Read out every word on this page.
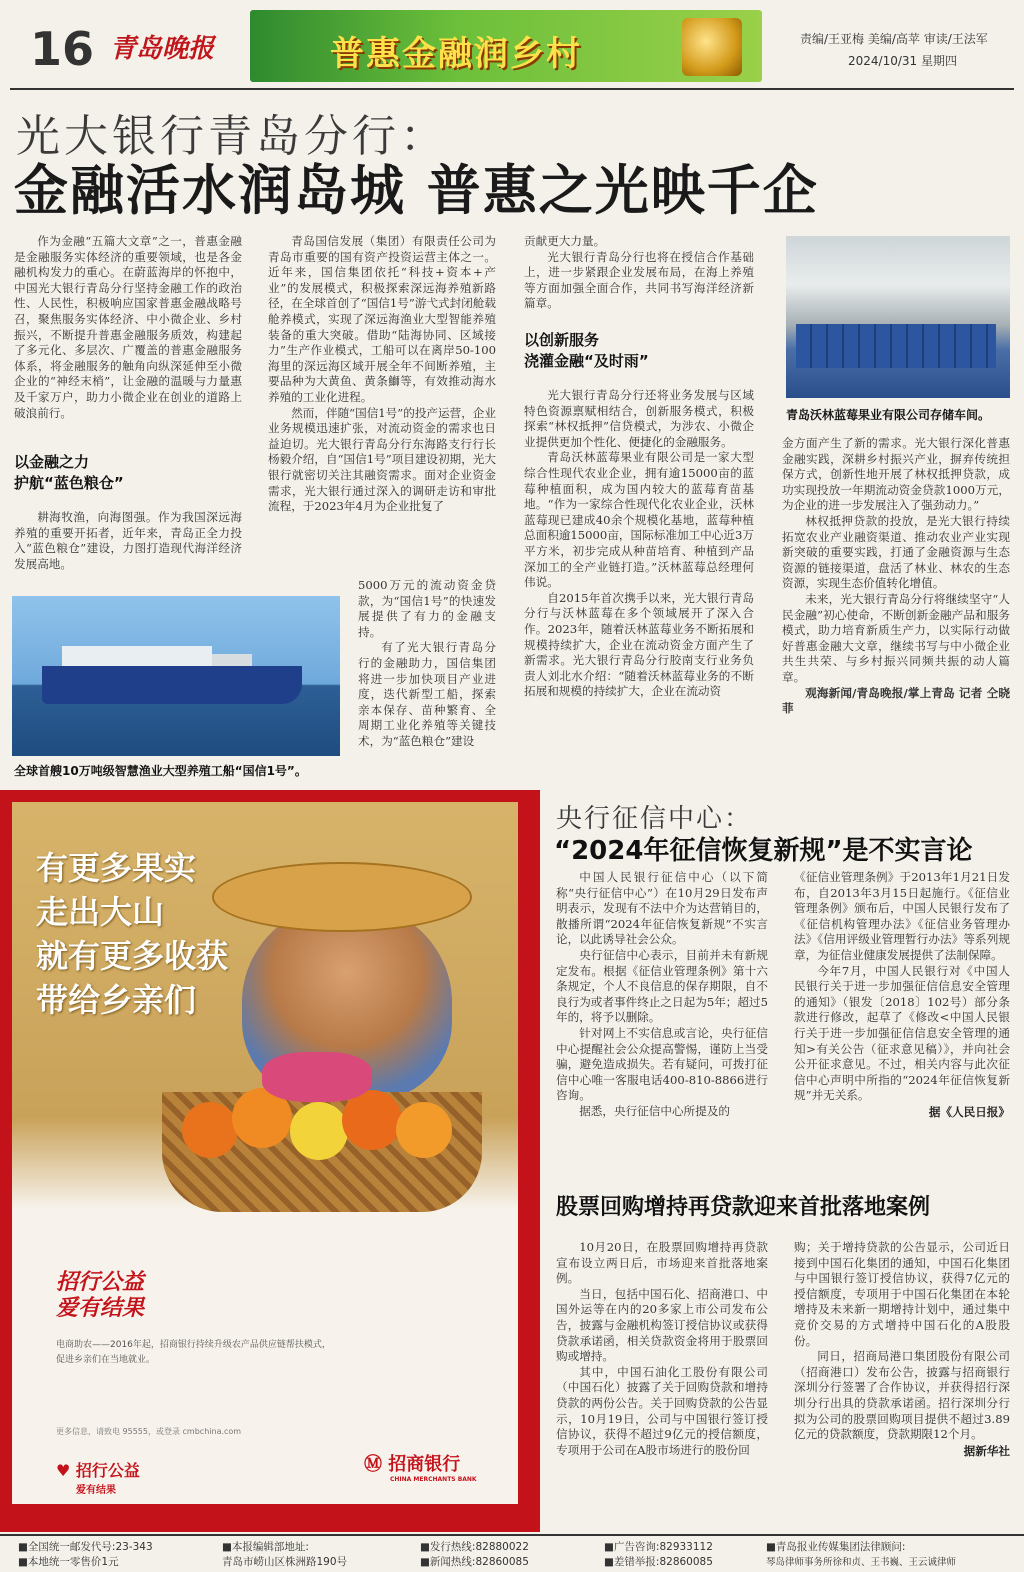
16 青岛晚报	普惠金融润乡村	责编/王亚梅 美编/高苹 审读/王法军
2024/10/31 星期四
光大银行青岛分行：
金融活水润岛城 普惠之光映千企

作为金融“五篇大文章”之一，普惠金融是金融服务实体经济的重要领域，也是各金融机构发力的重心。在蔚蓝海岸的怀抱中，中国光大银行青岛分行坚持金融工作的政治性、人民性，积极响应国家普惠金融战略号召，聚焦服务实体经济、中小微企业、乡村振兴，不断提升普惠金融服务质效，构建起了多元化、多层次、广覆盖的普惠金融服务体系，将金融服务的触角向纵深延伸至小微企业的“神经末梢”，让金融的温暖与力量惠及千家万户，助力小微企业在创业的道路上破浪前行。

以金融之力
护航“蓝色粮仓”

耕海牧渔，向海图强。作为我国深远海养殖的重要开拓者，近年来，青岛正全力投入“蓝色粮仓”建设，力图打造现代海洋经济发展高地。

全球首艘10万吨级智慧渔业大型养殖工船“国信1号”。

青岛国信发展（集团）有限责任公司为青岛市重要的国有资产投资运营主体之一。近年来，国信集团依托“科技+资本+产业”的发展模式，积极探索深远海养殖新路径，在全球首创了“国信1号”游弋式封闭舱载舱养模式，实现了深远海渔业大型智能养殖装备的重大突破。借助“陆海协同、区域接力”生产作业模式，工船可以在离岸50-100海里的深远海区域开展全年不间断养殖，主要品种为大黄鱼、黄条鰤等，有效推动海水养殖的工业化进程。

然而，伴随“国信1号”的投产运营，企业业务规模迅速扩张，对流动资金的需求也日益迫切。光大银行青岛分行东海路支行行长杨毅介绍，自“国信1号”项目建设初期，光大银行就密切关注其融资需求。面对企业资金需求，光大银行通过深入的调研走访和审批流程，于2023年4月为企业批复了

5000万元的流动资金贷款，为“国信1号”的快速发展提供了有力的金融支持。

有了光大银行青岛分行的金融助力，国信集团将进一步加快项目产业进度，迭代新型工船，探索亲本保存、苗种繁育、全周期工业化养殖等关键技术，为“蓝色粮仓”建设

贡献更大力量。

光大银行青岛分行也将在授信合作基础上，进一步紧跟企业发展布局，在海上养殖等方面加强全面合作，共同书写海洋经济新篇章。

以创新服务
浇灌金融“及时雨”

光大银行青岛分行还将业务发展与区域特色资源禀赋相结合，创新服务模式，积极探索“林权抵押”信贷模式，为涉农、小微企业提供更加个性化、便捷化的金融服务。

青岛沃林蓝莓果业有限公司是一家大型综合性现代农业企业，拥有逾15000亩的蓝莓种植面积，成为国内较大的蓝莓育苗基地。“作为一家综合性现代化农业企业，沃林蓝莓现已建成40余个规模化基地，蓝莓种植总面积逾15000亩，国际标准加工中心近3万平方米，初步完成从种苗培育、种植到产品深加工的全产业链打造。”沃林蓝莓总经理何伟说。

自2015年首次携手以来，光大银行青岛分行与沃林蓝莓在多个领域展开了深入合作。2023年，随着沃林蓝莓业务不断拓展和规模持续扩大，企业在流动资金方面产生了新需求。光大银行青岛分行胶南支行业务负责人刘北水介绍：“随着沃林蓝莓业务的不断拓展和规模的持续扩大，企业在流动资

青岛沃林蓝莓果业有限公司存储车间。

金方面产生了新的需求。光大银行深化普惠金融实践，深耕乡村振兴产业，摒弃传统担保方式，创新性地开展了林权抵押贷款，成功实现投放一年期流动资金贷款1000万元，为企业的进一步发展注入了强劲动力。”

林权抵押贷款的投放，是光大银行持续拓宽农业产业融资渠道、推动农业产业实现新突破的重要实践，打通了金融资源与生态资源的链接渠道，盘活了林业、林农的生态资源，实现生态价值转化增值。

未来，光大银行青岛分行将继续坚守“人民金融”初心使命，不断创新金融产品和服务模式，助力培育新质生产力，以实际行动做好普惠金融大文章，继续书写与中小微企业共生共荣、与乡村振兴同频共振的动人篇章。

观海新闻/青岛晚报/掌上青岛 记者 仝晓菲

有更多果实
走出大山
就有更多收获
带给乡亲们
招行公益
爱有结果
电商助农——2016年起，招商银行持续升级农产品供应链帮扶模式，
促进乡亲们在当地就业。
更多信息，请致电 95555，或登录 cmbchina.com
♥ 招行公益
爱有结果
Ⓜ 招商银行
CHINA MERCHANTS BANK
央行征信中心：
“2024年征信恢复新规”是不实言论

中国人民银行征信中心（以下简称“央行征信中心”）在10月29日发布声明表示，发现有不法中介为达营销目的，散播所谓“2024年征信恢复新规”不实言论，以此诱导社会公众。

央行征信中心表示，目前并未有新规定发布。根据《征信业管理条例》第十六条规定，个人不良信息的保存期限，自不良行为或者事件终止之日起为5年；超过5年的，将予以删除。

针对网上不实信息或言论，央行征信中心提醒社会公众提高警惕，谨防上当受骗，避免造成损失。若有疑问，可拨打征信中心唯一客服电话400-810-8866进行咨询。

据悉，央行征信中心所提及的

《征信业管理条例》于2013年1月21日发布，自2013年3月15日起施行。《征信业管理条例》颁布后，中国人民银行发布了《征信机构管理办法》《征信业务管理办法》《信用评级业管理暂行办法》等系列规章，为征信业健康发展提供了法制保障。

今年7月，中国人民银行对《中国人民银行关于进一步加强征信信息安全管理的通知》（银发〔2018〕102号）部分条款进行修改，起草了《修改<中国人民银行关于进一步加强征信信息安全管理的通知>有关公告（征求意见稿）》，并向社会公开征求意见。不过，相关内容与此次征信中心声明中所指的“2024年征信恢复新规”并无关系。

据《人民日报》
股票回购增持再贷款迎来首批落地案例

10月20日，在股票回购增持再贷款宣布设立两日后，市场迎来首批落地案例。

当日，包括中国石化、招商港口、中国外运等在内的20多家上市公司发布公告，披露与金融机构签订授信协议或获得贷款承诺函，相关贷款资金将用于股票回购或增持。

其中，中国石油化工股份有限公司（中国石化）披露了关于回购贷款和增持贷款的两份公告。关于回购贷款的公告显示，10月19日，公司与中国银行签订授信协议，获得不超过9亿元的授信额度，专项用于公司在A股市场进行的股份回

购；关于增持贷款的公告显示，公司近日接到中国石化集团的通知，中国石化集团与中国银行签订授信协议，获得7亿元的授信额度，专项用于中国石化集团在本轮增持及未来新一期增持计划中，通过集中竞价交易的方式增持中国石化的A股股份。

同日，招商局港口集团股份有限公司（招商港口）发布公告，披露与招商银行深圳分行签署了合作协议，并获得招行深圳分行出具的贷款承诺函。招行深圳分行拟为公司的股票回购项目提供不超过3.89亿元的贷款额度，贷款期限12个月。

据新华社
■全国统一邮发代号:23-343
■本地统一零售价1元
■本报编辑部地址:
青岛市崂山区株洲路190号
■发行热线:82880022
■新闻热线:82860085
■广告咨询:82933112
■差错举报:82860085
■青岛报业传媒集团法律顾问:
琴岛律师事务所徐和贞、王书巍、王云诚律师
